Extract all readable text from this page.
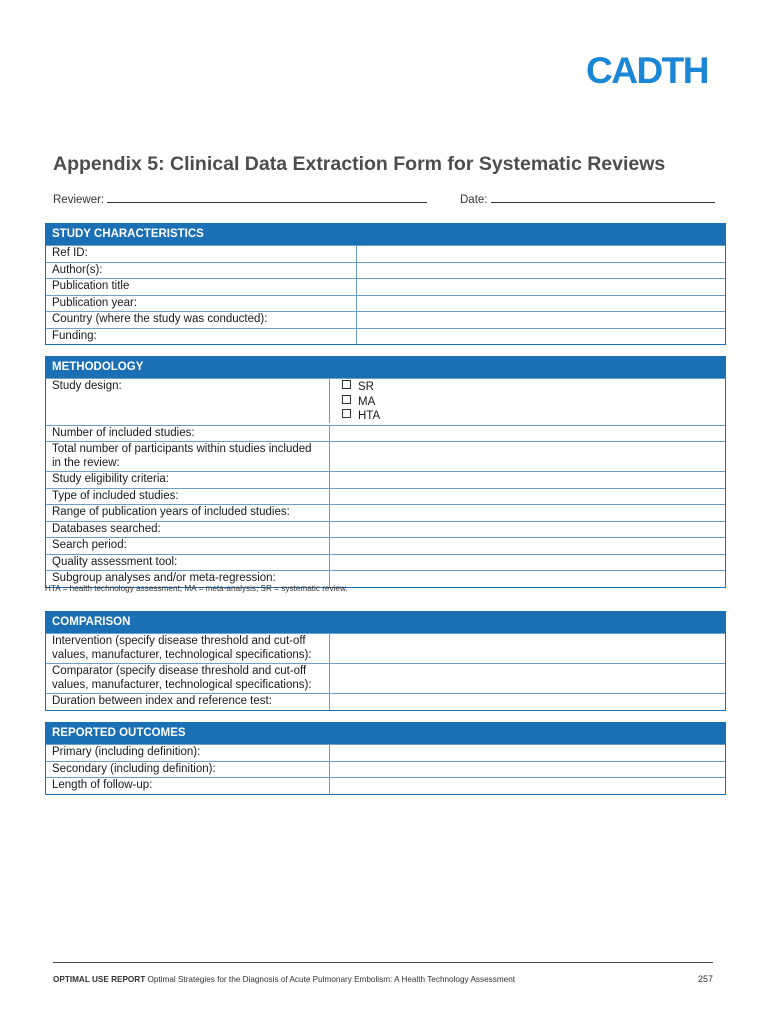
CADTH
Appendix 5: Clinical Data Extraction Form for Systematic Reviews
Reviewer:	Date:
STUDY CHARACTERISTICS
Ref ID:
Author(s):
Publication title
Publication year:
Country (where the study was conducted):
Funding:
METHODOLOGY
Study design:	SR
MA
HTA
Number of included studies:
Total number of participants within studies included in the review:
Study eligibility criteria:
Type of included studies:
Range of publication years of included studies:
Databases searched:
Search period:
Quality assessment tool:
Subgroup analyses and/or meta-regression:
HTA = health technology assessment; MA = meta-analysis; SR = systematic review.
COMPARISON
Intervention (specify disease threshold and cut-off values, manufacturer, technological specifications):
Comparator (specify disease threshold and cut-off values, manufacturer, technological specifications):
Duration between index and reference test:
REPORTED OUTCOMES
Primary (including definition):
Secondary (including definition):
Length of follow-up:
OPTIMAL USE REPORT Optimal Strategies for the Diagnosis of Acute Pulmonary Embolism: A Health Technology Assessment	257
